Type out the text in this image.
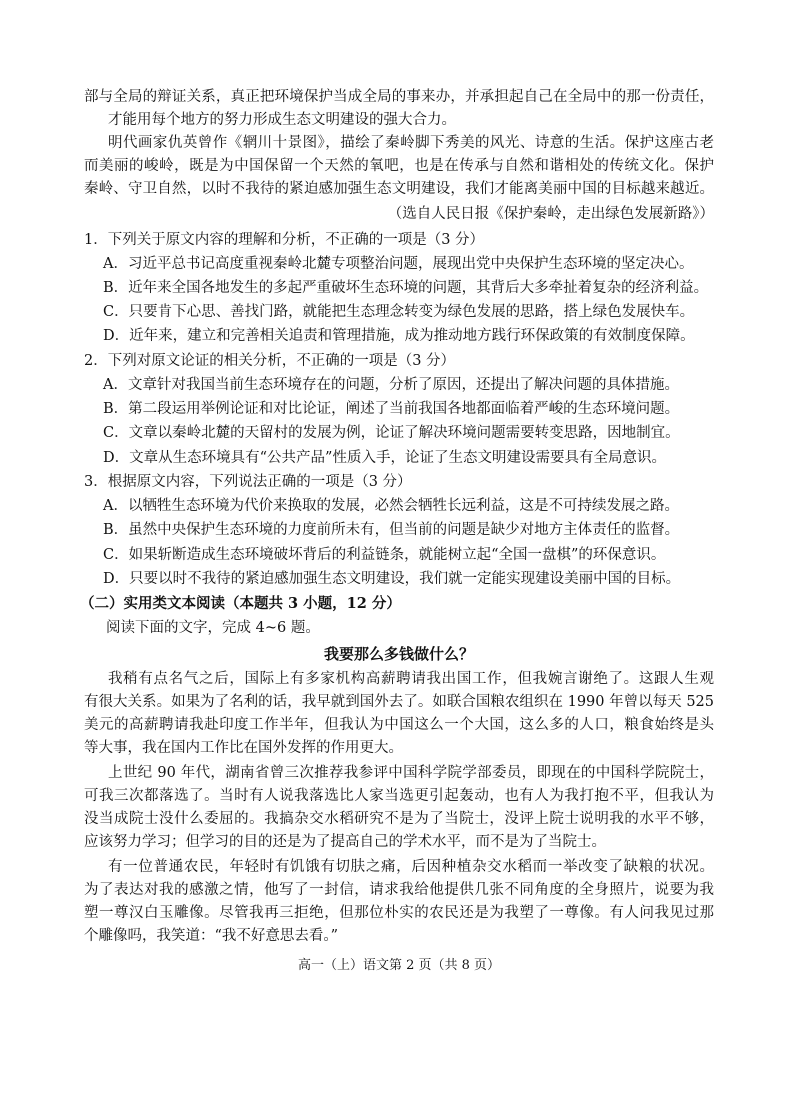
部与全局的辩证关系，真正把环境保护当成全局的事来办，并承担起自己在全局中的那一份责任，
才能用每个地方的努力形成生态文明建设的强大合力。
明代画家仇英曾作《辋川十景图》，描绘了秦岭脚下秀美的风光、诗意的生活。保护这座古老
而美丽的峻岭，既是为中国保留一个天然的氧吧，也是在传承与自然和谐相处的传统文化。保护
秦岭、守卫自然，以时不我待的紧迫感加强生态文明建设，我们才能离美丽中国的目标越来越近。
（选自人民日报《保护秦岭，走出绿色发展新路》）
1．下列关于原文内容的理解和分析，不正确的一项是（3 分）
A．习近平总书记高度重视秦岭北麓专项整治问题，展现出党中央保护生态环境的坚定决心。
B．近年来全国各地发生的多起严重破坏生态环境的问题，其背后大多牵扯着复杂的经济利益。
C．只要肯下心思、善找门路，就能把生态理念转变为绿色发展的思路，搭上绿色发展快车。
D．近年来，建立和完善相关追责和管理措施，成为推动地方践行环保政策的有效制度保障。
2．下列对原文论证的相关分析，不正确的一项是（3 分）
A．文章针对我国当前生态环境存在的问题，分析了原因，还提出了解决问题的具体措施。
B．第二段运用举例论证和对比论证，阐述了当前我国各地都面临着严峻的生态环境问题。
C．文章以秦岭北麓的天留村的发展为例，论证了解决环境问题需要转变思路，因地制宜。
D．文章从生态环境具有“公共产品”性质入手，论证了生态文明建设需要具有全局意识。
3．根据原文内容，下列说法正确的一项是（3 分）
A．以牺牲生态环境为代价来换取的发展，必然会牺牲长远利益，这是不可持续发展之路。
B．虽然中央保护生态环境的力度前所未有，但当前的问题是缺少对地方主体责任的监督。
C．如果斩断造成生态环境破坏背后的利益链条，就能树立起“全国一盘棋”的环保意识。
D．只要以时不我待的紧迫感加强生态文明建设，我们就一定能实现建设美丽中国的目标。
（二）实用类文本阅读（本题共 3 小题，12 分）
阅读下面的文字，完成 4~6 题。
我要那么多钱做什么？
我稍有点名气之后，国际上有多家机构高薪聘请我出国工作，但我婉言谢绝了。这跟人生观
有很大关系。如果为了名利的话，我早就到国外去了。如联合国粮农组织在 1990 年曾以每天 525
美元的高薪聘请我赴印度工作半年，但我认为中国这么一个大国，这么多的人口，粮食始终是头
等大事，我在国内工作比在国外发挥的作用更大。
上世纪 90 年代，湖南省曾三次推荐我参评中国科学院学部委员，即现在的中国科学院院士，
可我三次都落选了。当时有人说我落选比人家当选更引起轰动，也有人为我打抱不平，但我认为
没当成院士没什么委屈的。我搞杂交水稻研究不是为了当院士，没评上院士说明我的水平不够，
应该努力学习；但学习的目的还是为了提高自己的学术水平，而不是为了当院士。
有一位普通农民，年轻时有饥饿有切肤之痛，后因种植杂交水稻而一举改变了缺粮的状况。
为了表达对我的感激之情，他写了一封信，请求我给他提供几张不同角度的全身照片，说要为我
塑一尊汉白玉雕像。尽管我再三拒绝，但那位朴实的农民还是为我塑了一尊像。有人问我见过那
个雕像吗，我笑道：“我不好意思去看。”
高一（上）语文第 2 页（共 8 页）
